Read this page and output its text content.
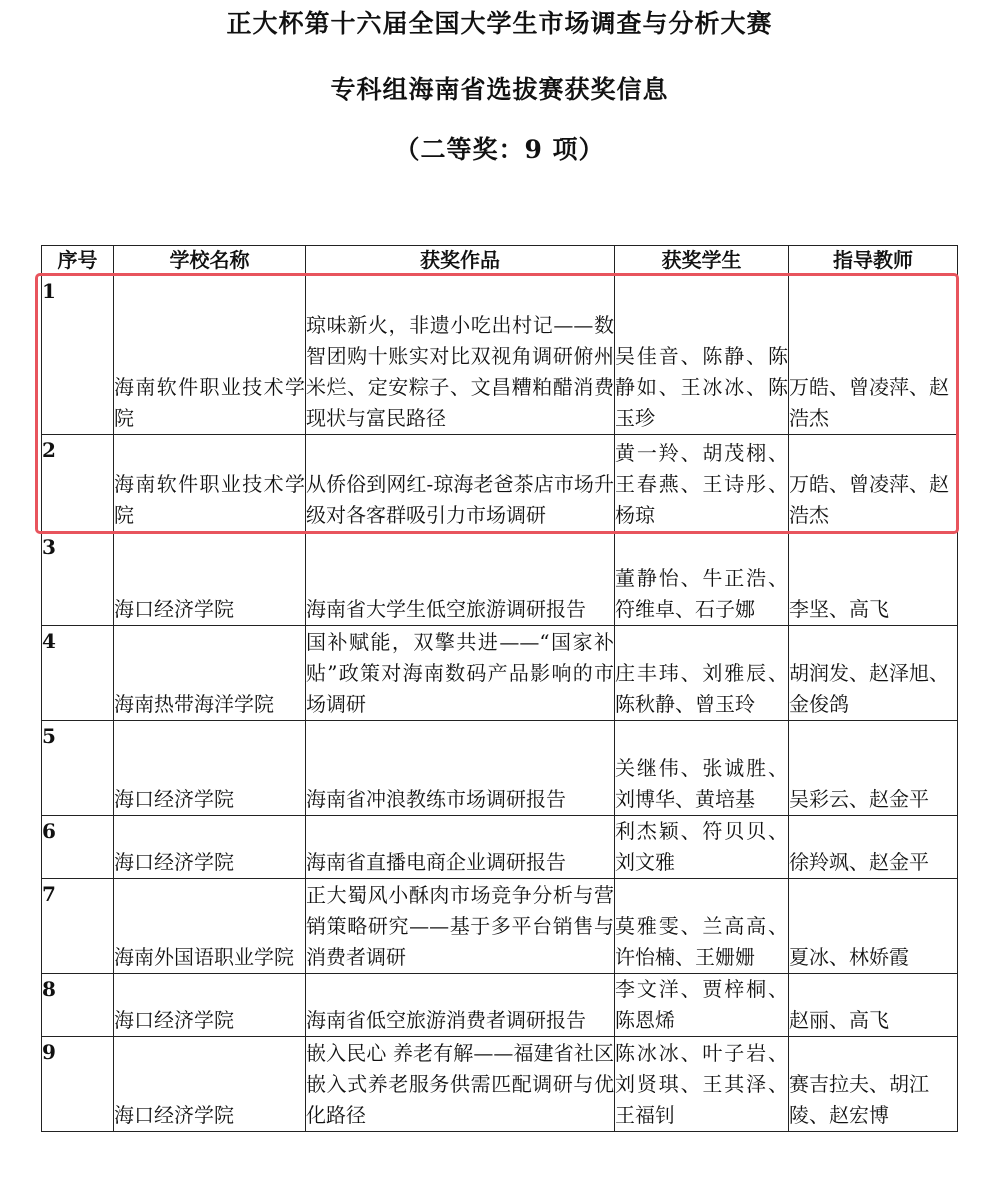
正大杯第十六届全国大学生市场调查与分析大赛
专科组海南省选拔赛获奖信息
（二等奖：9 项）
序号	学校名称	获奖作品	获奖学生	指导教师
1	海南软件职业技术学院	琼味新火，非遗小吃出村记——数智团购十账实对比双视角调研俯州米烂、定安粽子、文昌糟粕醋消费现状与富民路径	吴佳音、陈静、陈静如、王冰冰、陈玉珍	万皓、曾凌萍、赵浩杰
2	海南软件职业技术学院	从侨俗到网红-琼海老爸茶店市场升级对各客群吸引力市场调研	黄一羚、胡茂栩、王春燕、王诗彤、杨琼	万皓、曾凌萍、赵浩杰
3	海口经济学院	海南省大学生低空旅游调研报告	董静怡、牛正浩、符维卓、石子娜	李坚、高飞
4	海南热带海洋学院	国补赋能，双擎共进——“国家补贴”政策对海南数码产品影响的市场调研	庄丰玮、刘雅辰、陈秋静、曾玉玲	胡润发、赵泽旭、金俊鸽
5	海口经济学院	海南省冲浪教练市场调研报告	关继伟、张诚胜、刘博华、黄培基	吴彩云、赵金平
6	海口经济学院	海南省直播电商企业调研报告	利杰颖、符贝贝、刘文雅	徐羚飒、赵金平
7	海南外国语职业学院	正大蜀风小酥肉市场竞争分析与营销策略研究——基于多平台销售与消费者调研	莫雅雯、兰高高、许怡楠、王姗姗	夏冰、林娇霞
8	海口经济学院	海南省低空旅游消费者调研报告	李文洋、贾梓桐、陈恩烯	赵丽、高飞
9	海口经济学院	嵌入民心 养老有解——福建省社区嵌入式养老服务供需匹配调研与优化路径	陈冰冰、叶子岩、刘贤琪、王其泽、王福钊	赛吉拉夫、胡江陵、赵宏博
